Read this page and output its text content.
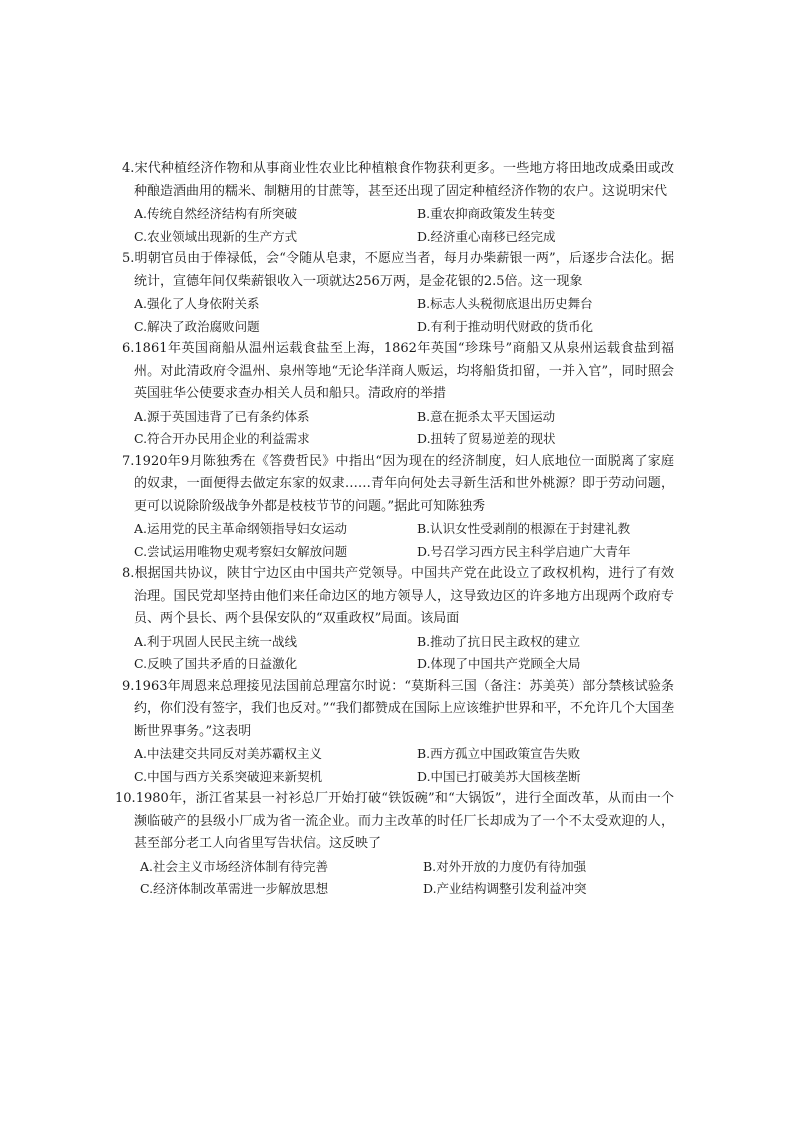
4.宋代种植经济作物和从事商业性农业比种植粮食作物获利更多。一些地方将田地改成桑田或改种酿造酒曲用的糯米、制糖用的甘蔗等，甚至还出现了固定种植经济作物的农户。这说明宋代
A.传统自然经济结构有所突破	B.重农抑商政策发生转变
C.农业领域出现新的生产方式	D.经济重心南移已经完成
5.明朝官员由于俸禄低，会“令随从皂隶，不愿应当者，每月办柴薪银一两”，后逐步合法化。据统计，宣德年间仅柴薪银收入一项就达256万两，是金花银的2.5倍。这一现象
A.强化了人身依附关系	B.标志人头税彻底退出历史舞台
C.解决了政治腐败问题	D.有利于推动明代财政的货币化
6.1861年英国商船从温州运载食盐至上海，1862年英国“珍珠号”商船又从泉州运载食盐到福州。对此清政府令温州、泉州等地“无论华洋商人贩运，均将船货扣留，一并入官”，同时照会英国驻华公使要求查办相关人员和船只。清政府的举措
A.源于英国违背了已有条约体系	B.意在扼杀太平天国运动
C.符合开办民用企业的利益需求	D.扭转了贸易逆差的现状
7.1920年9月陈独秀在《答费哲民》中指出“因为现在的经济制度，妇人底地位一面脱离了家庭的奴隶，一面便得去做定东家的奴隶……青年向何处去寻新生活和世外桃源？即于劳动问题，更可以说除阶级战争外都是枝枝节节的问题。”据此可知陈独秀
A.运用党的民主革命纲领指导妇女运动	B.认识女性受剥削的根源在于封建礼教
C.尝试运用唯物史观考察妇女解放问题	D.号召学习西方民主科学启迪广大青年
8.根据国共协议，陕甘宁边区由中国共产党领导。中国共产党在此设立了政权机构，进行了有效治理。国民党却坚持由他们来任命边区的地方领导人，这导致边区的许多地方出现两个政府专员、两个县长、两个县保安队的“双重政权”局面。该局面
A.利于巩固人民民主统一战线	B.推动了抗日民主政权的建立
C.反映了国共矛盾的日益激化	D.体现了中国共产党顾全大局
9.1963年周恩来总理接见法国前总理富尔时说：“莫斯科三国（备注：苏美英）部分禁核试验条约，你们没有签字，我们也反对。”“我们都赞成在国际上应该维护世界和平，不允许几个大国垄断世界事务。”这表明
A.中法建交共同反对美苏霸权主义	B.西方孤立中国政策宣告失败
C.中国与西方关系突破迎来新契机	D.中国已打破美苏大国核垄断
10.1980年，浙江省某县一衬衫总厂开始打破“铁饭碗”和“大锅饭”，进行全面改革，从而由一个濒临破产的县级小厂成为省一流企业。而力主改革的时任厂长却成为了一个不太受欢迎的人，甚至部分老工人向省里写告状信。这反映了
A.社会主义市场经济体制有待完善	B.对外开放的力度仍有待加强
C.经济体制改革需进一步解放思想	D.产业结构调整引发利益冲突
